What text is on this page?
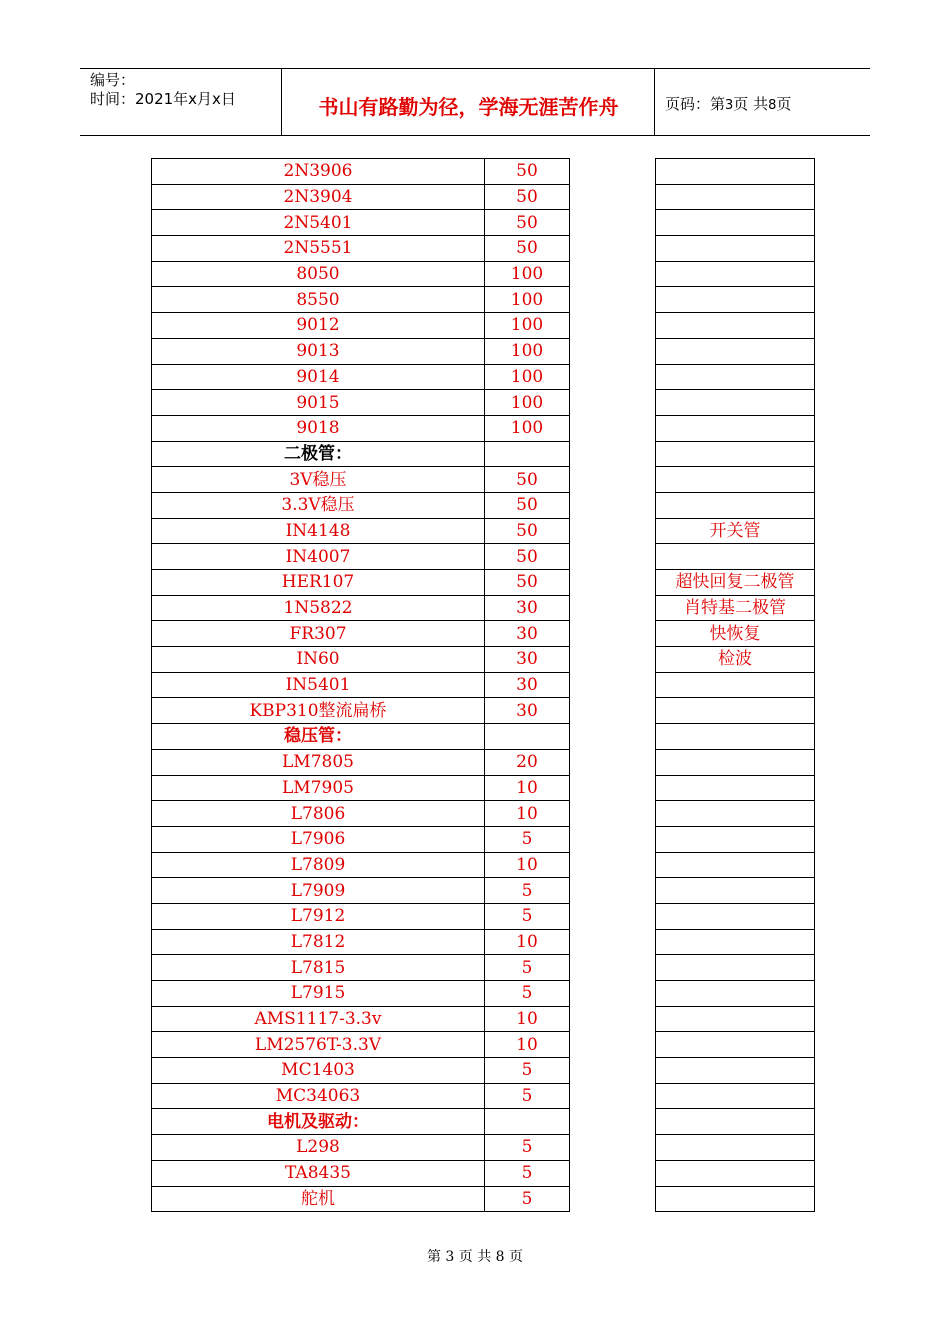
编号：
时间：2021年x月x日	书山有路勤为径，学海无涯苦作舟	页码：第3页 共8页
2N3906	50		
2N3904	50		
2N5401	50		
2N5551	50		
8050	100		
8550	100		
9012	100		
9013	100		
9014	100		
9015	100		
9018	100		
二极管：			
3V稳压	50		
3.3V稳压	50		
IN4148	50		开关管
IN4007	50		
HER107	50		超快回复二极管
1N5822	30		肖特基二极管
FR307	30		快恢复
IN60	30		检波
IN5401	30		
KBP310整流扁桥	30		
稳压管：			
LM7805	20		
LM7905	10		
L7806	10		
L7906	5		
L7809	10		
L7909	5		
L7912	5		
L7812	10		
L7815	5		
L7915	5		
AMS1117-3.3v	10		
LM2576T-3.3V	10		
MC1403	5		
MC34063	5		
电机及驱动：			
L298	5		
TA8435	5		
舵机	5		
第 3 页 共 8 页
